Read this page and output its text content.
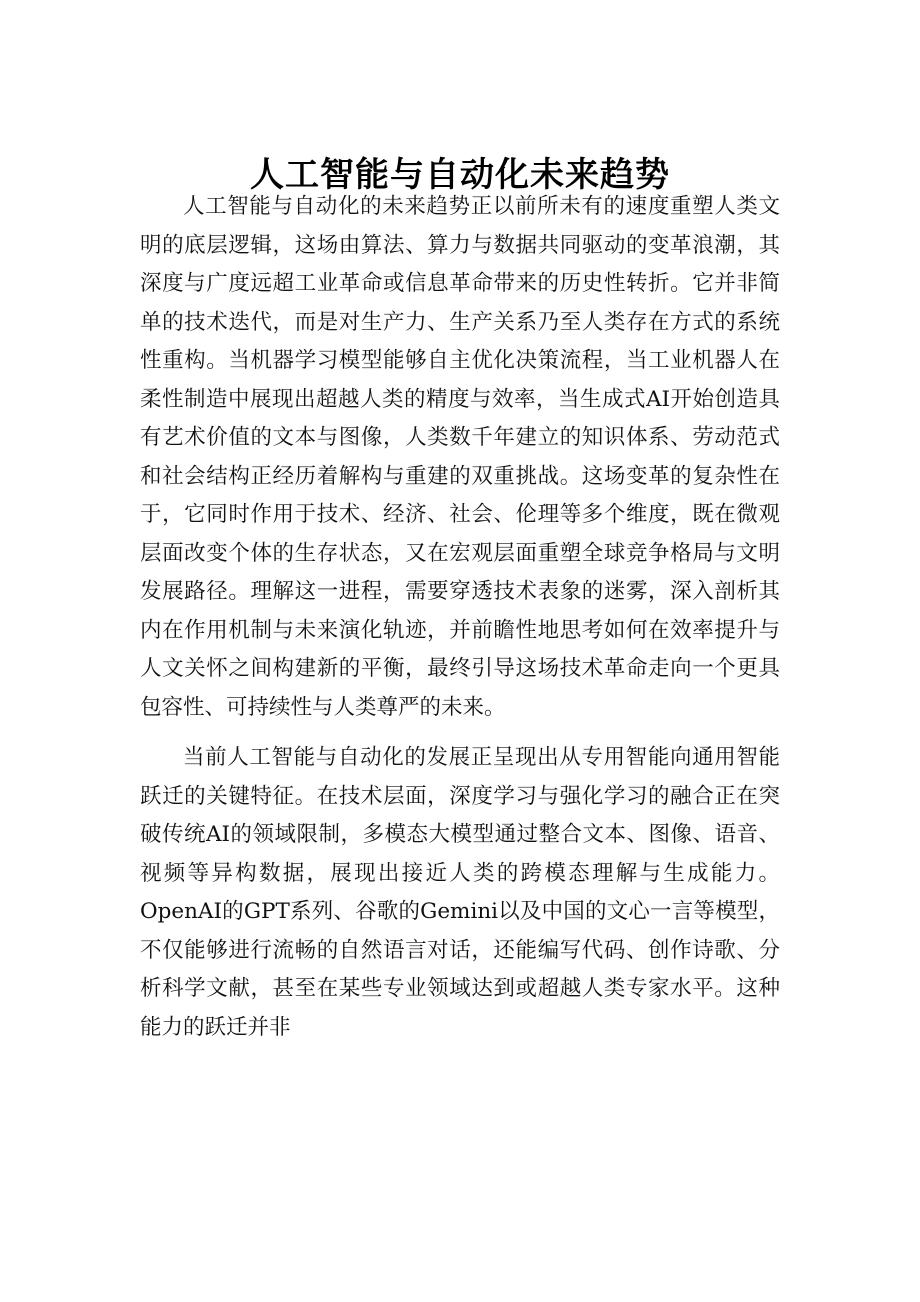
人工智能与自动化未来趋势

人工智能与自动化的未来趋势正以前所未有的速度重塑人类文明的底层逻辑，这场由算法、算力与数据共同驱动的变革浪潮，其深度与广度远超工业革命或信息革命带来的历史性转折。它并非简单的技术迭代，而是对生产力、生产关系乃至人类存在方式的系统性重构。当机器学习模型能够自主优化决策流程，当工业机器人在柔性制造中展现出超越人类的精度与效率，当生成式AI开始创造具有艺术价值的文本与图像，人类数千年建立的知识体系、劳动范式和社会结构正经历着解构与重建的双重挑战。这场变革的复杂性在于，它同时作用于技术、经济、社会、伦理等多个维度，既在微观层面改变个体的生存状态，又在宏观层面重塑全球竞争格局与文明发展路径。理解这一进程，需要穿透技术表象的迷雾，深入剖析其内在作用机制与未来演化轨迹，并前瞻性地思考如何在效率提升与人文关怀之间构建新的平衡，最终引导这场技术革命走向一个更具包容性、可持续性与人类尊严的未来。

当前人工智能与自动化的发展正呈现出从专用智能向通用智能跃迁的关键特征。在技术层面，深度学习与强化学习的融合正在突破传统AI的领域限制，多模态大模型通过整合文本、图像、语音、视频等异构数据，展现出接近人类的跨模态理解与生成能力。OpenAI的GPT系列、谷歌的Gemini以及中国的文心一言等模型，不仅能够进行流畅的自然语言对话，还能编写代码、创作诗歌、分析科学文献，甚至在某些专业领域达到或超越人类专家水平。这种能力的跃迁并非
